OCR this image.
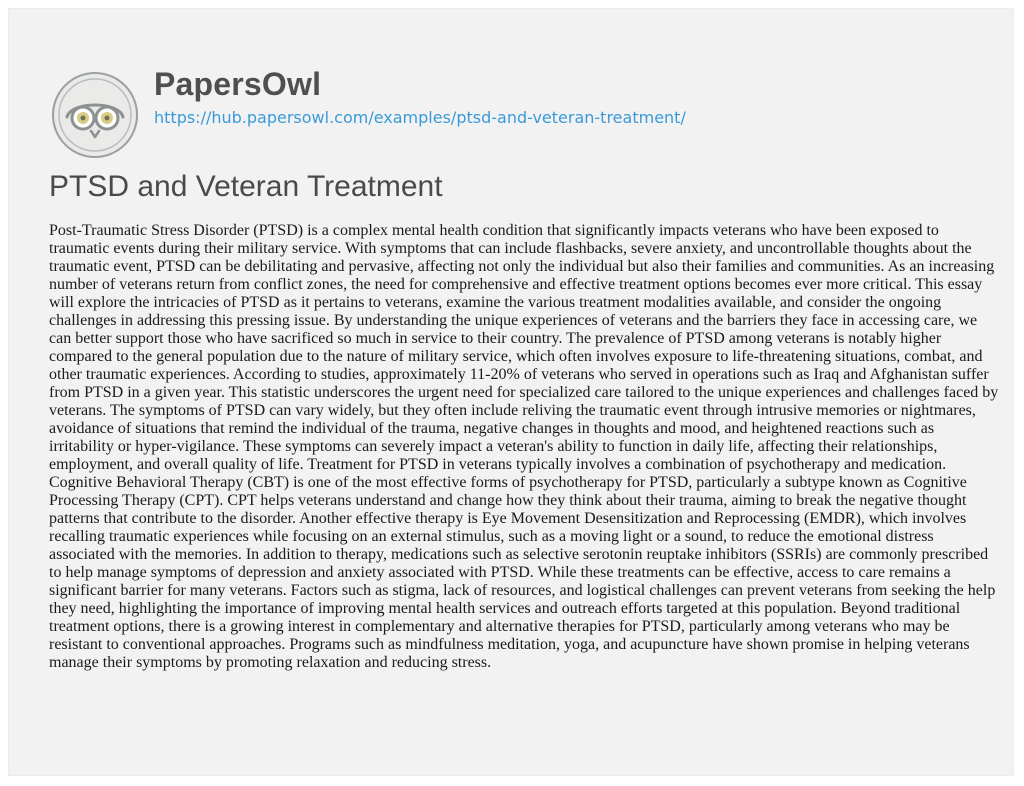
PapersOwl
https://hub.papersowl.com/examples/ptsd-and-veteran-treatment/
PTSD and Veteran Treatment

Post-Traumatic Stress Disorder (PTSD) is a complex mental health condition that significantly impacts veterans who have been exposed to traumatic events during their military service. With symptoms that can include flashbacks, severe anxiety, and uncontrollable thoughts about the traumatic event, PTSD can be debilitating and pervasive, affecting not only the individual but also their families and communities. As an increasing number of veterans return from conflict zones, the need for comprehensive and effective treatment options becomes ever more critical. This essay will explore the intricacies of PTSD as it pertains to veterans, examine the various treatment modalities available, and consider the ongoing challenges in addressing this pressing issue. By understanding the unique experiences of veterans and the barriers they face in accessing care, we can better support those who have sacrificed so much in service to their country. The prevalence of PTSD among veterans is notably higher compared to the general population due to the nature of military service, which often involves exposure to life-threatening situations, combat, and other traumatic experiences. According to studies, approximately 11-20% of veterans who served in operations such as Iraq and Afghanistan suffer from PTSD in a given year. This statistic underscores the urgent need for specialized care tailored to the unique experiences and challenges faced by veterans. The symptoms of PTSD can vary widely, but they often include reliving the traumatic event through intrusive memories or nightmares, avoidance of situations that remind the individual of the trauma, negative changes in thoughts and mood, and heightened reactions such as irritability or hyper-vigilance. These symptoms can severely impact a veteran's ability to function in daily life, affecting their relationships, employment, and overall quality of life. Treatment for PTSD in veterans typically involves a combination of psychotherapy and medication. Cognitive Behavioral Therapy (CBT) is one of the most effective forms of psychotherapy for PTSD, particularly a subtype known as Cognitive Processing Therapy (CPT). CPT helps veterans understand and change how they think about their trauma, aiming to break the negative thought patterns that contribute to the disorder. Another effective therapy is Eye Movement Desensitization and Reprocessing (EMDR), which involves recalling traumatic experiences while focusing on an external stimulus, such as a moving light or a sound, to reduce the emotional distress associated with the memories. In addition to therapy, medications such as selective serotonin reuptake inhibitors (SSRIs) are commonly prescribed to help manage symptoms of depression and anxiety associated with PTSD. While these treatments can be effective, access to care remains a significant barrier for many veterans. Factors such as stigma, lack of resources, and logistical challenges can prevent veterans from seeking the help they need, highlighting the importance of improving mental health services and outreach efforts targeted at this population. Beyond traditional treatment options, there is a growing interest in complementary and alternative therapies for PTSD, particularly among veterans who may be resistant to conventional approaches. Programs such as mindfulness meditation, yoga, and acupuncture have shown promise in helping veterans manage their symptoms by promoting relaxation and reducing stress.
